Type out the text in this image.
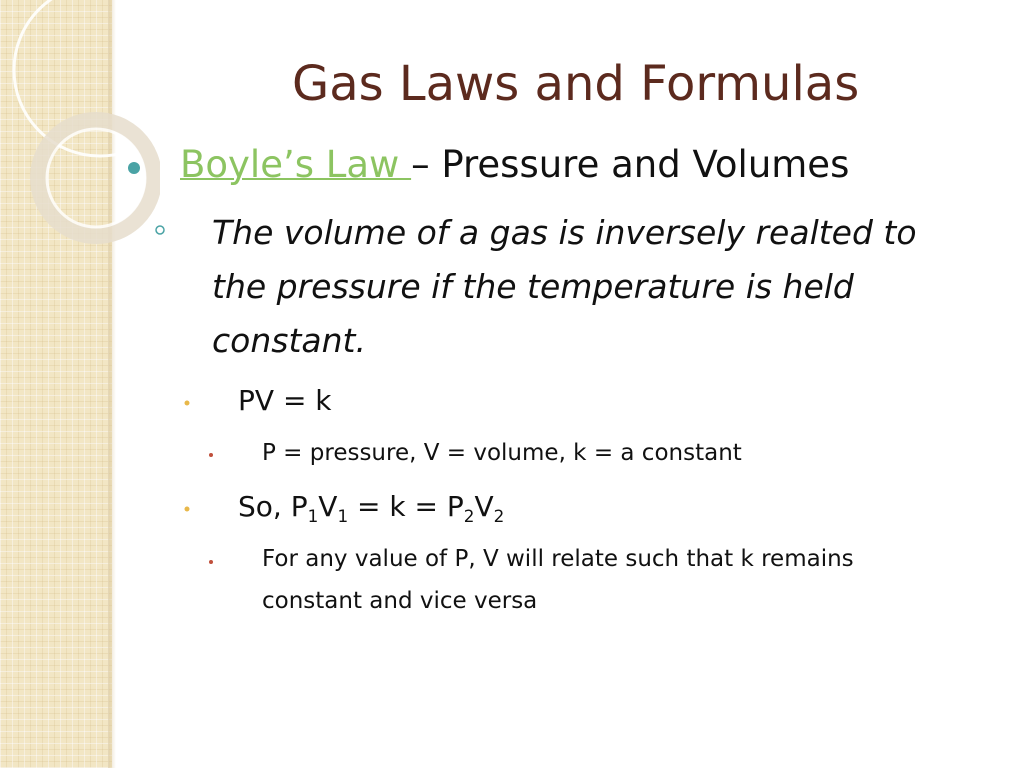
Gas Laws and Formulas
Boyle’s Law – Pressure and Volumes
The volume of a gas is inversely realted to
the pressure if the temperature is held
constant.
PV = k
P = pressure, V = volume, k = a constant
So, $P_1V_1 = k = P_2V_2$
For any value of P, V will relate such that k remains
constant and vice versa
